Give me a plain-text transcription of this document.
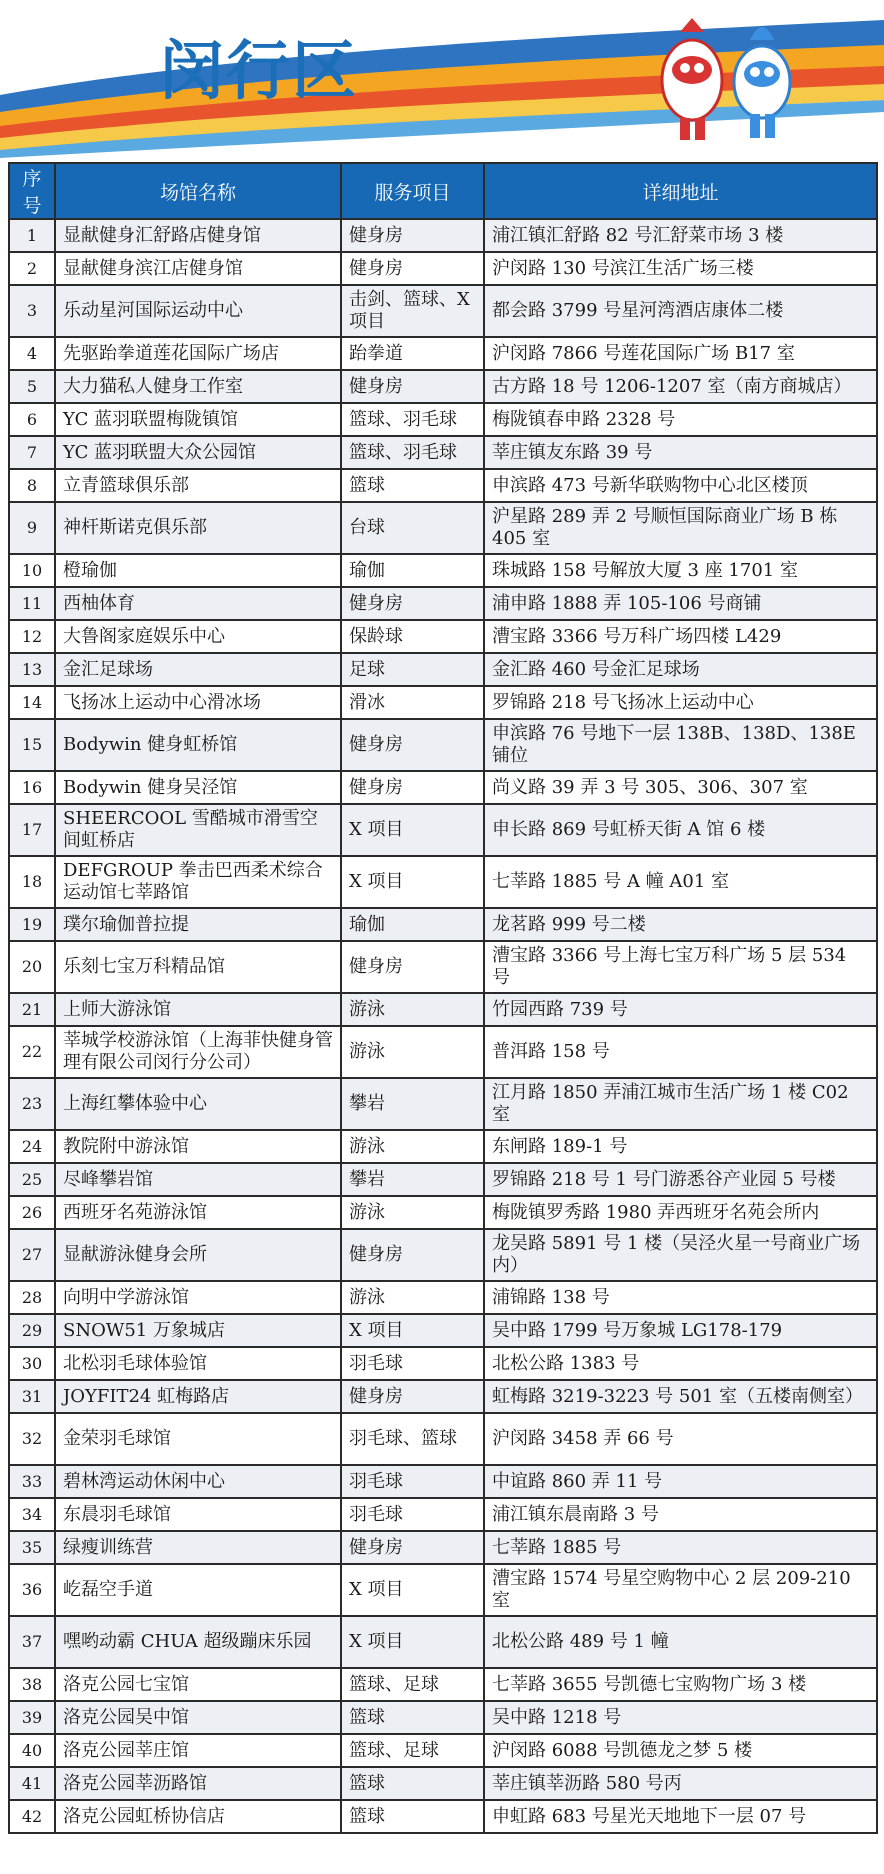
闵行区
序号	场馆名称	服务项目	详细地址
1	显献健身汇舒路店健身馆	健身房	浦江镇汇舒路 82 号汇舒菜市场 3 楼
2	显献健身滨江店健身馆	健身房	沪闵路 130 号滨江生活广场三楼
3	乐动星河国际运动中心	击剑、篮球、X 项目	都会路 3799 号星河湾酒店康体二楼
4	先驱跆拳道莲花国际广场店	跆拳道	沪闵路 7866 号莲花国际广场 B17 室
5	大力猫私人健身工作室	健身房	古方路 18 号 1206-1207 室（南方商城店）
6	YC 蓝羽联盟梅陇镇馆	篮球、羽毛球	梅陇镇春申路 2328 号
7	YC 蓝羽联盟大众公园馆	篮球、羽毛球	莘庄镇友东路 39 号
8	立青篮球俱乐部	篮球	申滨路 473 号新华联购物中心北区楼顶
9	神杆斯诺克俱乐部	台球	沪星路 289 弄 2 号顺恒国际商业广场 B 栋 405 室
10	橙瑜伽	瑜伽	珠城路 158 号解放大厦 3 座 1701 室
11	西柚体育	健身房	浦申路 1888 弄 105-106 号商铺
12	大鲁阁家庭娱乐中心	保龄球	漕宝路 3366 号万科广场四楼 L429
13	金汇足球场	足球	金汇路 460 号金汇足球场
14	飞扬冰上运动中心滑冰场	滑冰	罗锦路 218 号飞扬冰上运动中心
15	Bodywin 健身虹桥馆	健身房	申滨路 76 号地下一层 138B、138D、138E 铺位
16	Bodywin 健身吴泾馆	健身房	尚义路 39 弄 3 号 305、306、307 室
17	SHEERCOOL 雪酷城市滑雪空间虹桥店	X 项目	申长路 869 号虹桥天街 A 馆 6 楼
18	DEFGROUP 拳击巴西柔术综合运动馆七莘路馆	X 项目	七莘路 1885 号 A 幢 A01 室
19	璞尔瑜伽普拉提	瑜伽	龙茗路 999 号二楼
20	乐刻七宝万科精品馆	健身房	漕宝路 3366 号上海七宝万科广场 5 层 534 号
21	上师大游泳馆	游泳	竹园西路 739 号
22	莘城学校游泳馆（上海菲快健身管理有限公司闵行分公司）	游泳	普洱路 158 号
23	上海红攀体验中心	攀岩	江月路 1850 弄浦江城市生活广场 1 楼 C02 室
24	教院附中游泳馆	游泳	东闸路 189-1 号
25	尽峰攀岩馆	攀岩	罗锦路 218 号 1 号门游悉谷产业园 5 号楼
26	西班牙名苑游泳馆	游泳	梅陇镇罗秀路 1980 弄西班牙名苑会所内
27	显献游泳健身会所	健身房	龙吴路 5891 号 1 楼（吴泾火星一号商业广场内）
28	向明中学游泳馆	游泳	浦锦路 138 号
29	SNOW51 万象城店	X 项目	吴中路 1799 号万象城 LG178-179
30	北松羽毛球体验馆	羽毛球	北松公路 1383 号
31	JOYFIT24 虹梅路店	健身房	虹梅路 3219-3223 号 501 室（五楼南侧室）
32	金荣羽毛球馆	羽毛球、篮球	沪闵路 3458 弄 66 号
33	碧林湾运动休闲中心	羽毛球	中谊路 860 弄 11 号
34	东晨羽毛球馆	羽毛球	浦江镇东晨南路 3 号
35	绿瘦训练营	健身房	七莘路 1885 号
36	屹磊空手道	X 项目	漕宝路 1574 号星空购物中心 2 层 209-210 室
37	嘿哟动霸 CHUA 超级蹦床乐园	X 项目	北松公路 489 号 1 幢
38	洛克公园七宝馆	篮球、足球	七莘路 3655 号凯德七宝购物广场 3 楼
39	洛克公园吴中馆	篮球	吴中路 1218 号
40	洛克公园莘庄馆	篮球、足球	沪闵路 6088 号凯德龙之梦 5 楼
41	洛克公园莘沥路馆	篮球	莘庄镇莘沥路 580 号丙
42	洛克公园虹桥协信店	篮球	申虹路 683 号星光天地地下一层 07 号
